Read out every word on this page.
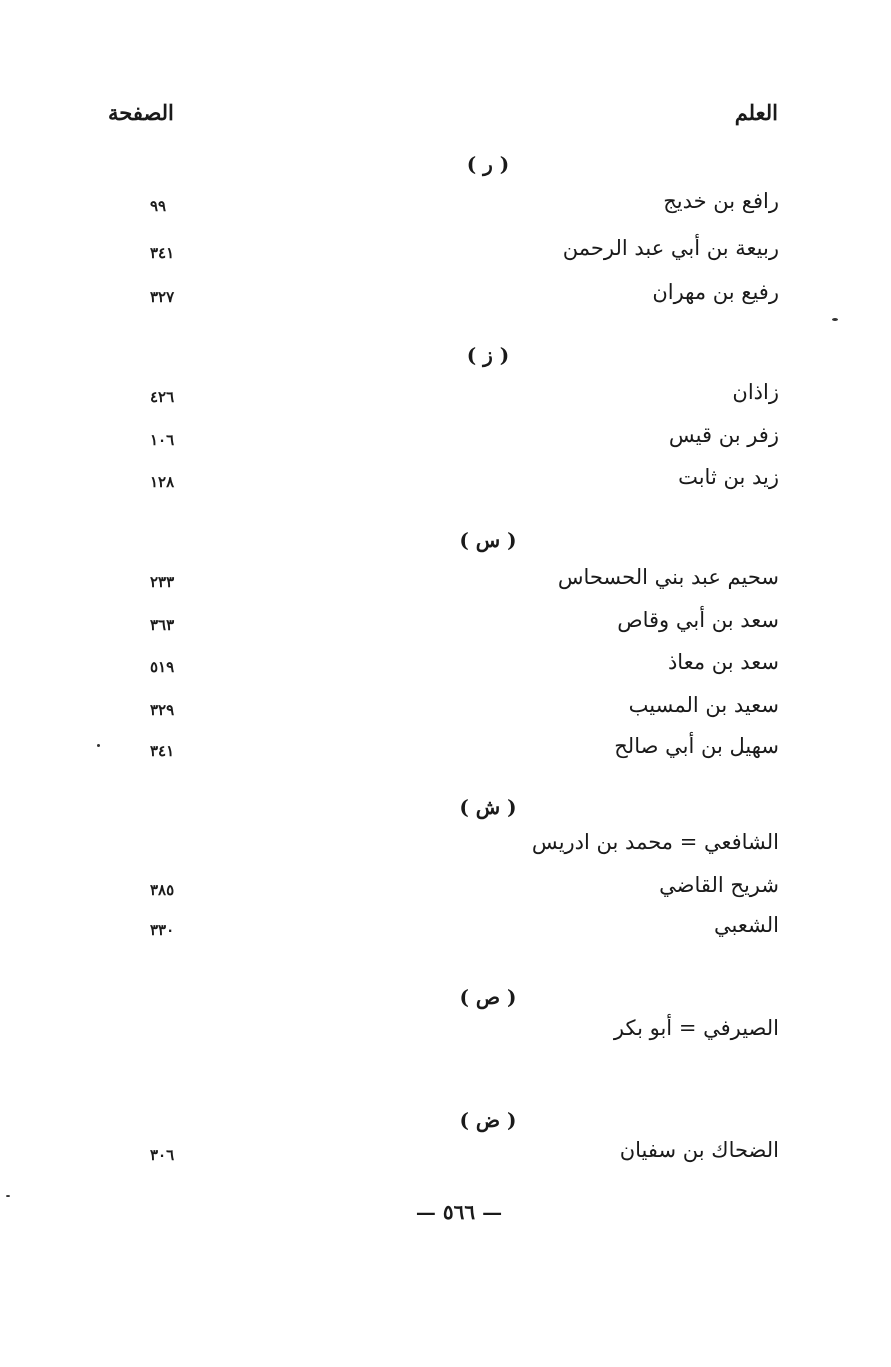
العلم
الصفحة
( ر )
رافع بن خديج
٩٩
ربيعة بن أبي عبد الرحمن
٣٤١
رفيع بن مهران
٣٢٧
( ز )
زاذان
٤٢٦
زفر بن قيس
١٠٦
زيد بن ثابت
١٢٨
( س )
سحيم عبد بني الحسحاس
٢٣٣
سعد بن أبي وقاص
٣٦٣
سعد بن معاذ
٥١٩
سعيد بن المسيب
٣٢٩
سهيل بن أبي صالح
٣٤١
( ش )
الشافعي = محمد بن ادريس
شريح القاضي
٣٨٥
الشعبي
٣٣٠
( ص )
الصيرفي = أبو بكر
( ض )
الضحاك بن سفيان
٣٠٦
— ٥٦٦ —
